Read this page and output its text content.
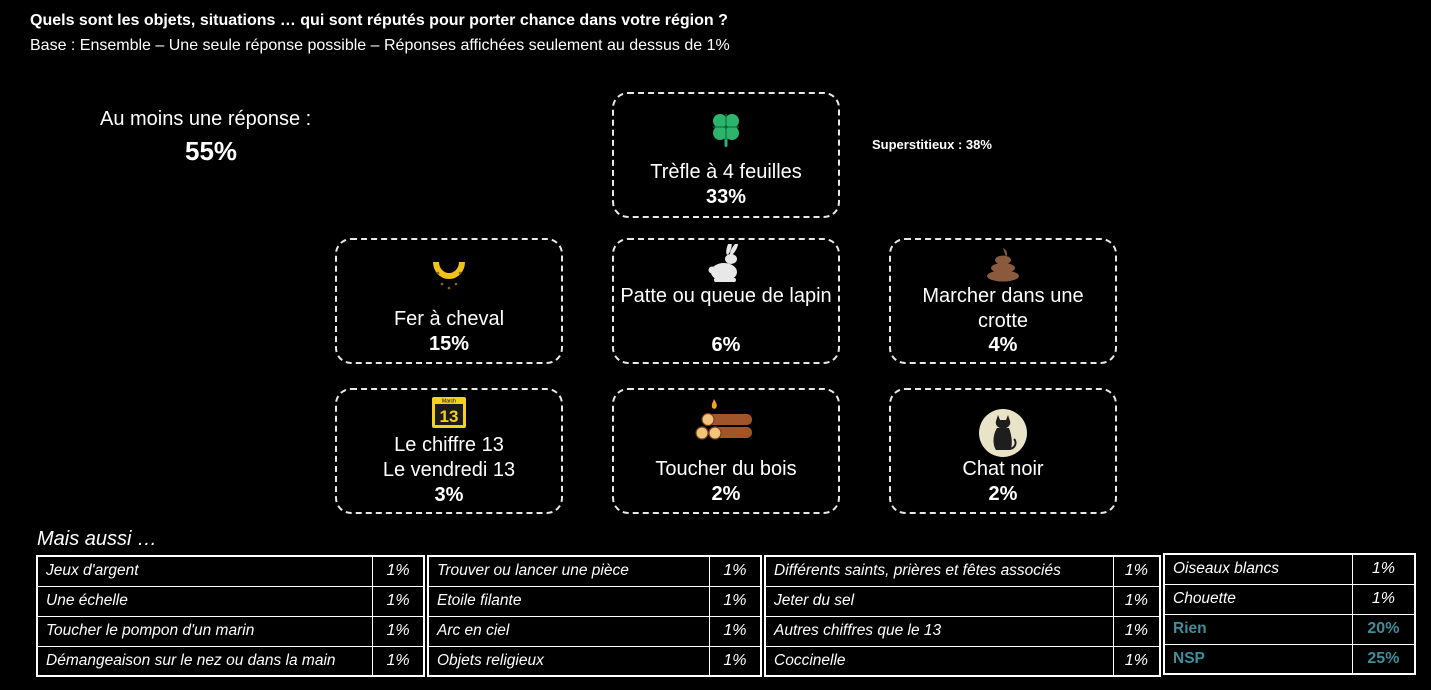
Quels sont les objets, situations … qui sont réputés pour porter chance dans votre région ?
Base : Ensemble – Une seule réponse possible – Réponses affichées seulement au dessus de 1%
Au moins une réponse :
55%	Superstitieux : 38%
Trèfle à 4 feuilles
33%
Fer à cheval
15%
Patte ou queue de lapin
6%
Marcher dans une crotte
4%
March
13
Le chiffre 13
Le vendredi 13
3%
Toucher du bois
2%
Chat noir
2%
Mais aussi …
Jeux d'argent	1%
Une échelle	1%
Toucher le pompon d'un marin	1%
Démangeaison sur le nez ou dans la main	1%
Trouver ou lancer une pièce	1%
Etoile filante	1%
Arc en ciel	1%
Objets religieux	1%
Différents saints, prières et fêtes associés	1%
Jeter du sel	1%
Autres chiffres que le 13	1%
Coccinelle	1%
Oiseaux blancs	1%
Chouette	1%
Rien	20%
NSP	25%
